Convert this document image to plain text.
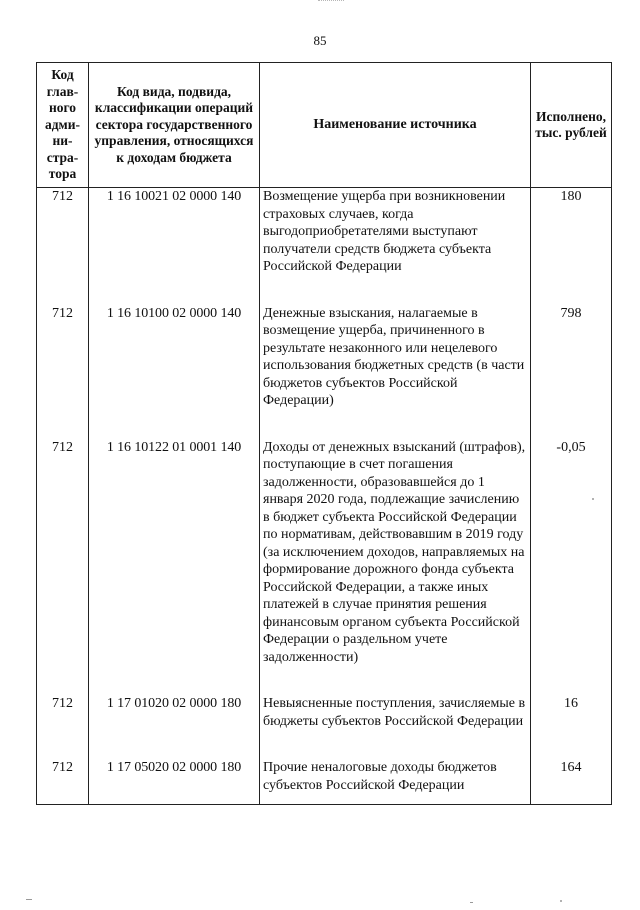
85
Код глав-ного адми-ни-стра-тора	Код вида, подвида, классификации операций сектора государственного управления, относящихся к доходам бюджета	Наименование источника	Исполнено, тыс. рублей
712	1 16 10021 02 0000 140	Возмещение ущерба при возникновении страховых случаев, когда выгодоприобретателями выступают получатели средств бюджета субъекта Российской Федерации	180
712	1 16 10100 02 0000 140	Денежные взыскания, налагаемые в возмещение ущерба, причиненного в результате незаконного или нецелевого использования бюджетных средств (в части бюджетов субъектов Российской Федерации)	798
712	1 16 10122 01 0001 140	Доходы от денежных взысканий (штрафов), поступающие в счет погашения задолженности, образовавшейся до 1 января 2020 года, подлежащие зачислению в бюджет субъекта Российской Федерации по нормативам, действовавшим в 2019 году (за исключением доходов, направляемых на формирование дорожного фонда субъекта Российской Федерации, а также иных платежей в случае принятия решения финансовым органом субъекта Российской Федерации о раздельном учете задолженности)	-0,05
712	1 17 01020 02 0000 180	Невыясненные поступления, зачисляемые в бюджеты субъектов Российской Федерации	16
712	1 17 05020 02 0000 180	Прочие неналоговые доходы бюджетов субъектов Российской Федерации	164
